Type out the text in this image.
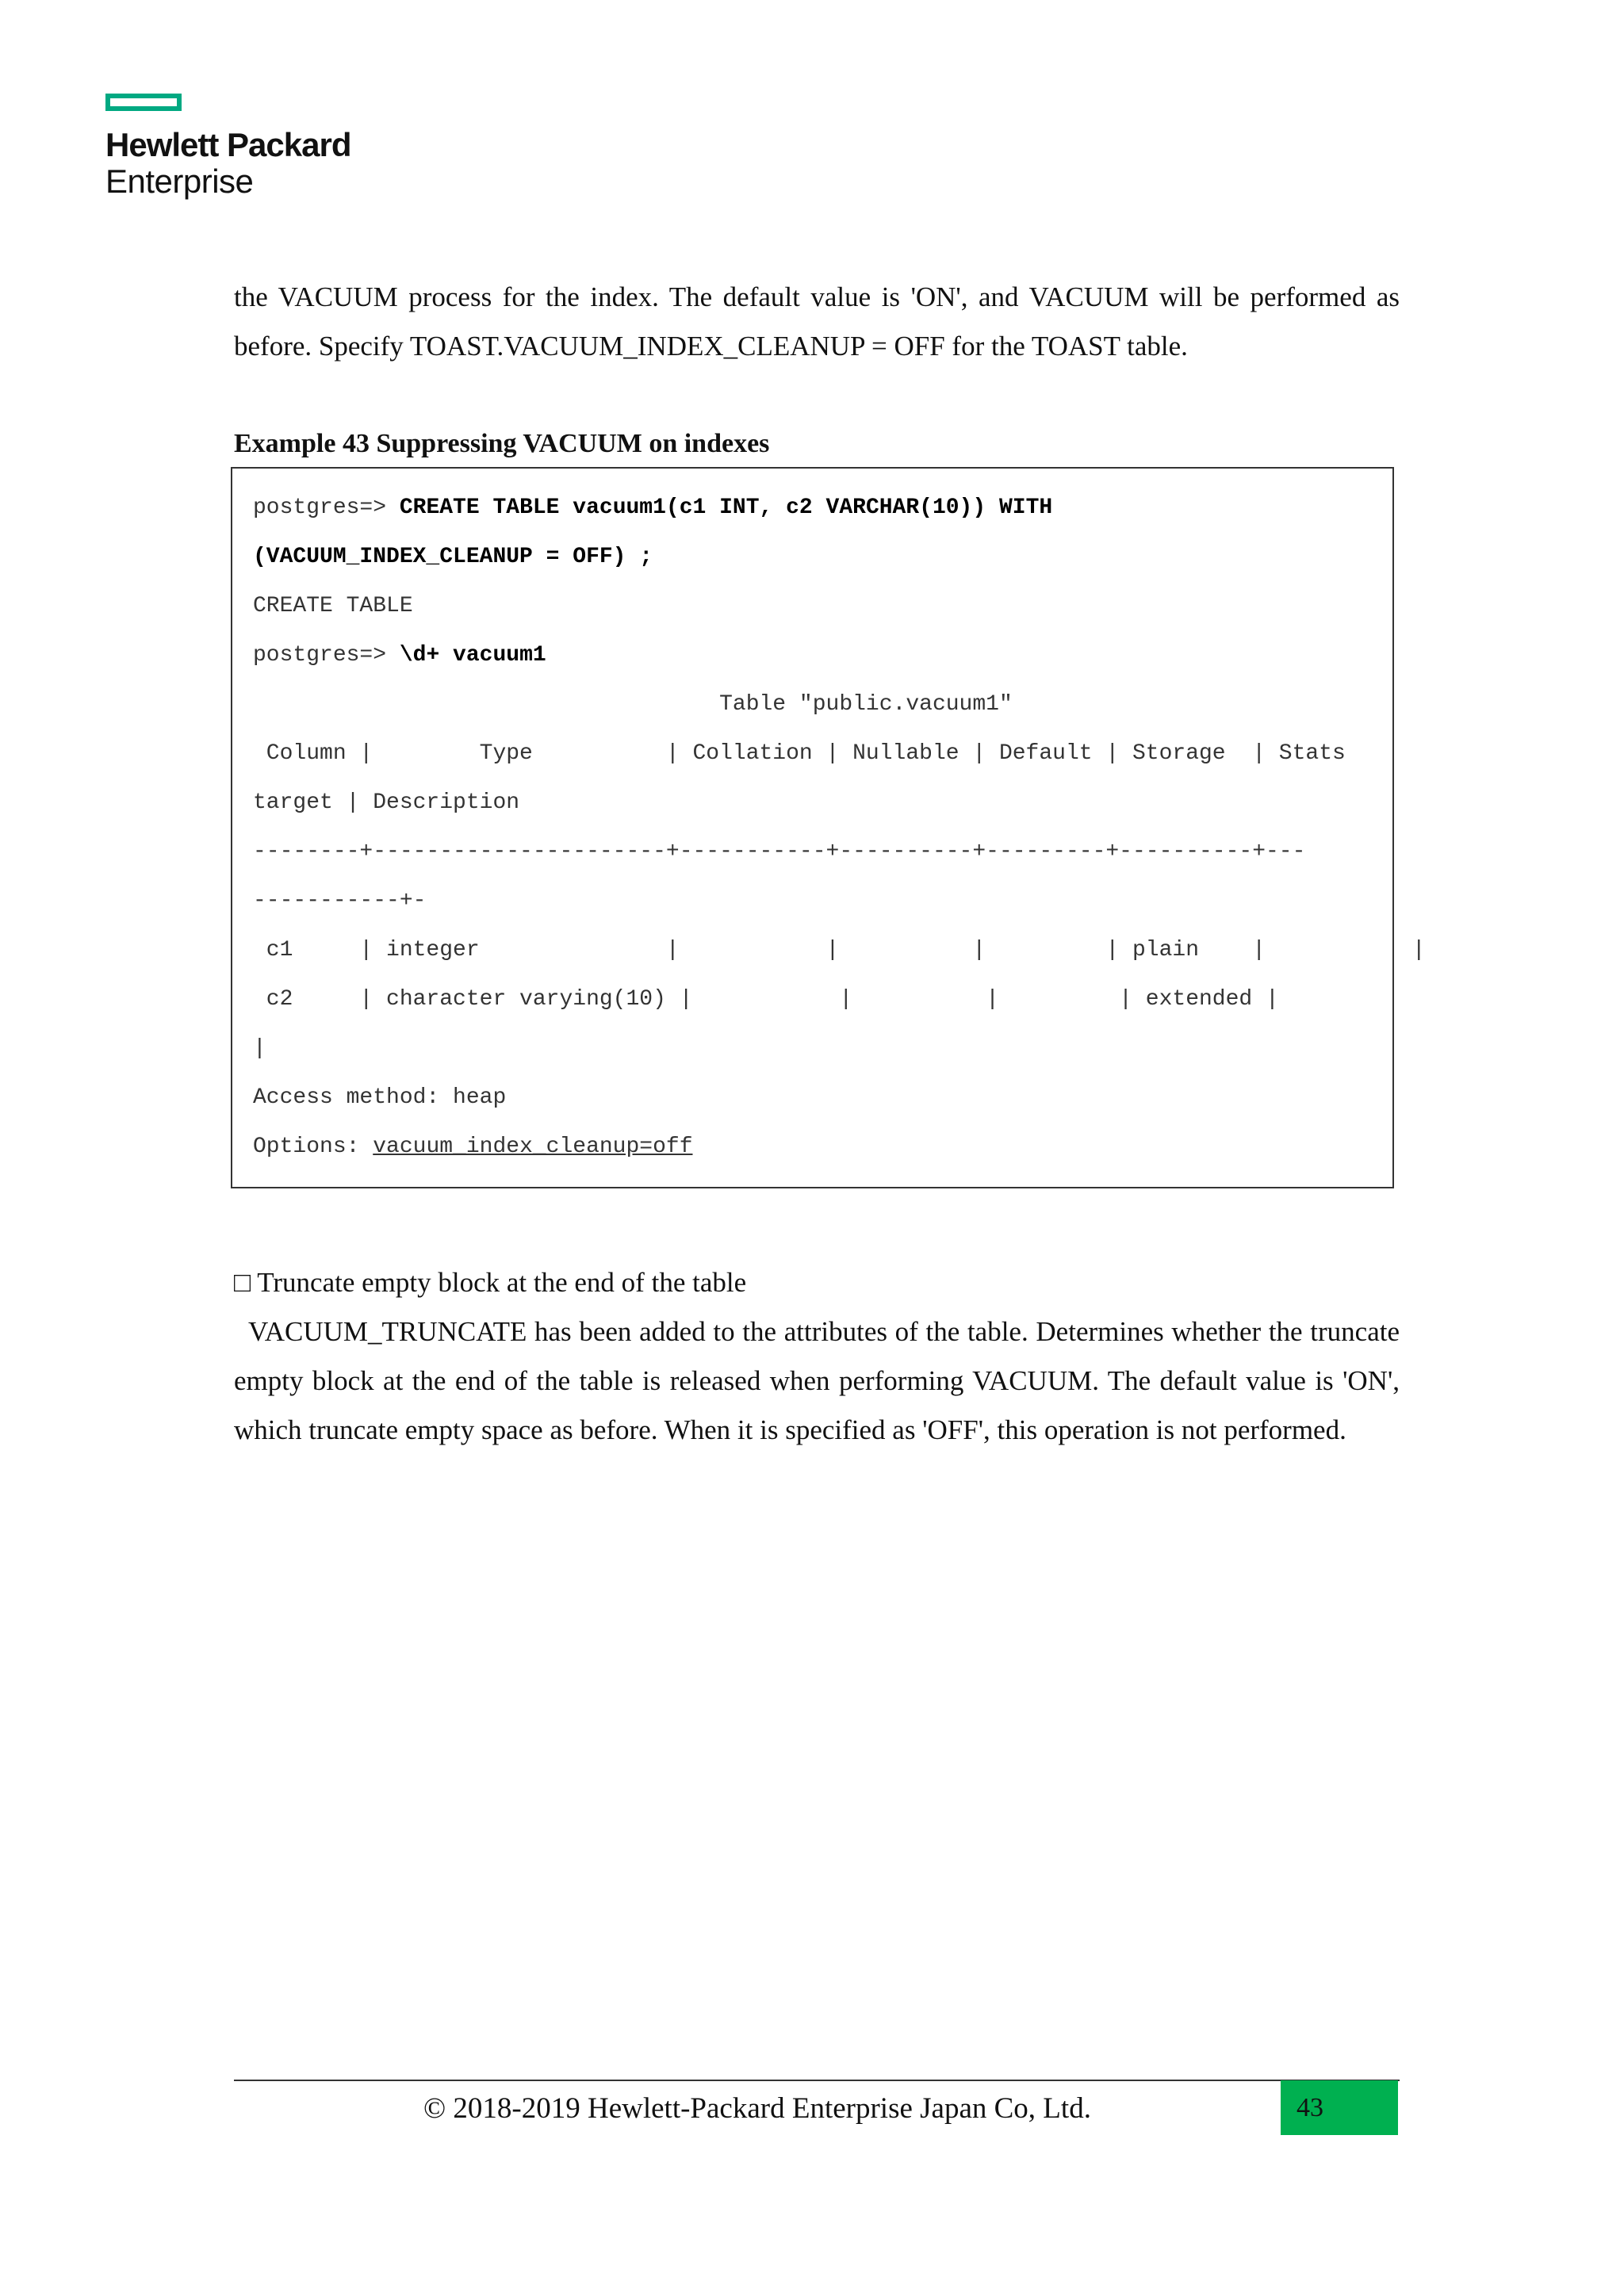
Hewlett Packard
Enterprise
the VACUUM process for the index. The default value is 'ON', and VACUUM will be performed as before. Specify TOAST.VACUUM_INDEX_CLEANUP = OFF for the TOAST table.
Example 43 Suppressing VACUUM on indexes
postgres=> CREATE TABLE vacuum1(c1 INT, c2 VARCHAR(10)) WITH
(VACUUM_INDEX_CLEANUP = OFF) ;
CREATE TABLE
postgres=> \d+ vacuum1
Table "public.vacuum1"
Column |        Type          | Collation | Nullable | Default | Storage  | Stats
target | Description
--------+----------------------+-----------+----------+---------+----------+---
-----------+-
c1     | integer              |           |          |         | plain    |           |
c2     | character varying(10) |           |          |         | extended |
|
Access method: heap
Options: vacuum_index_cleanup=off
□ Truncate empty block at the end of the table
VACUUM_TRUNCATE has been added to the attributes of the table. Determines whether the truncate empty block at the end of the table is released when performing VACUUM. The default value is 'ON', which truncate empty space as before. When it is specified as 'OFF', this operation is not performed.
© 2018-2019 Hewlett-Packard Enterprise Japan Co, Ltd.	43
